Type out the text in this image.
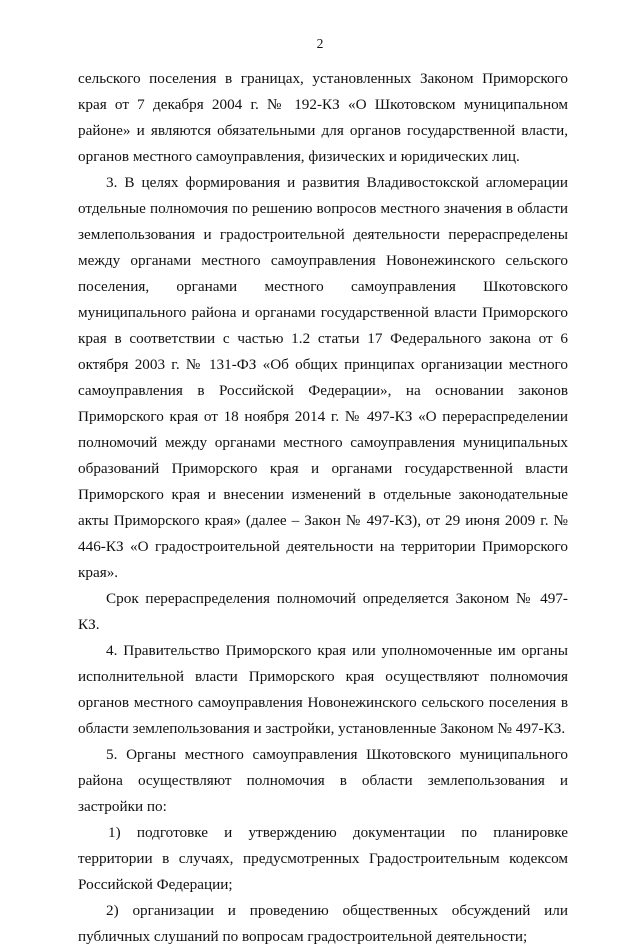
2

сельского поселения в границах, установленных Законом Приморского края от 7 декабря 2004 г. № 192-КЗ «О Шкотовском муниципальном районе» и являются обязательными для органов государственной власти, органов местного самоуправления, физических и юридических лиц.

3. В целях формирования и развития Владивостокской агломерации отдельные полномочия по решению вопросов местного значения в области землепользования и градостроительной деятельности перераспределены между органами местного самоуправления Новонежинского сельского поселения, органами местного самоуправления Шкотовского муниципального района и органами государственной власти Приморского края в соответствии с частью 1.2 статьи 17 Федерального закона от 6 октября 2003 г. № 131-ФЗ «Об общих принципах организации местного самоуправления в Российской Федерации», на основании законов Приморского края от 18 ноября 2014 г. № 497-КЗ «О перераспределении полномочий между органами местного самоуправления муниципальных образований Приморского края и органами государственной власти Приморского края и внесении изменений в отдельные законодательные акты Приморского края» (далее – Закон № 497-КЗ), от 29 июня 2009 г. № 446-КЗ «О градостроительной деятельности на территории Приморского края».

Срок перераспределения полномочий определяется Законом № 497-КЗ.

4. Правительство Приморского края или уполномоченные им органы исполнительной власти Приморского края осуществляют полномочия органов местного самоуправления Новонежинского сельского поселения в области землепользования и застройки, установленные Законом № 497-КЗ.

5. Органы местного самоуправления Шкотовского муниципального района осуществляют полномочия в области землепользования и застройки по:

1) подготовке и утверждению документации по планировке территории в случаях, предусмотренных Градостроительным кодексом Российской Федерации;

2) организации и проведению общественных обсуждений или публичных слушаний по вопросам градостроительной деятельности;
